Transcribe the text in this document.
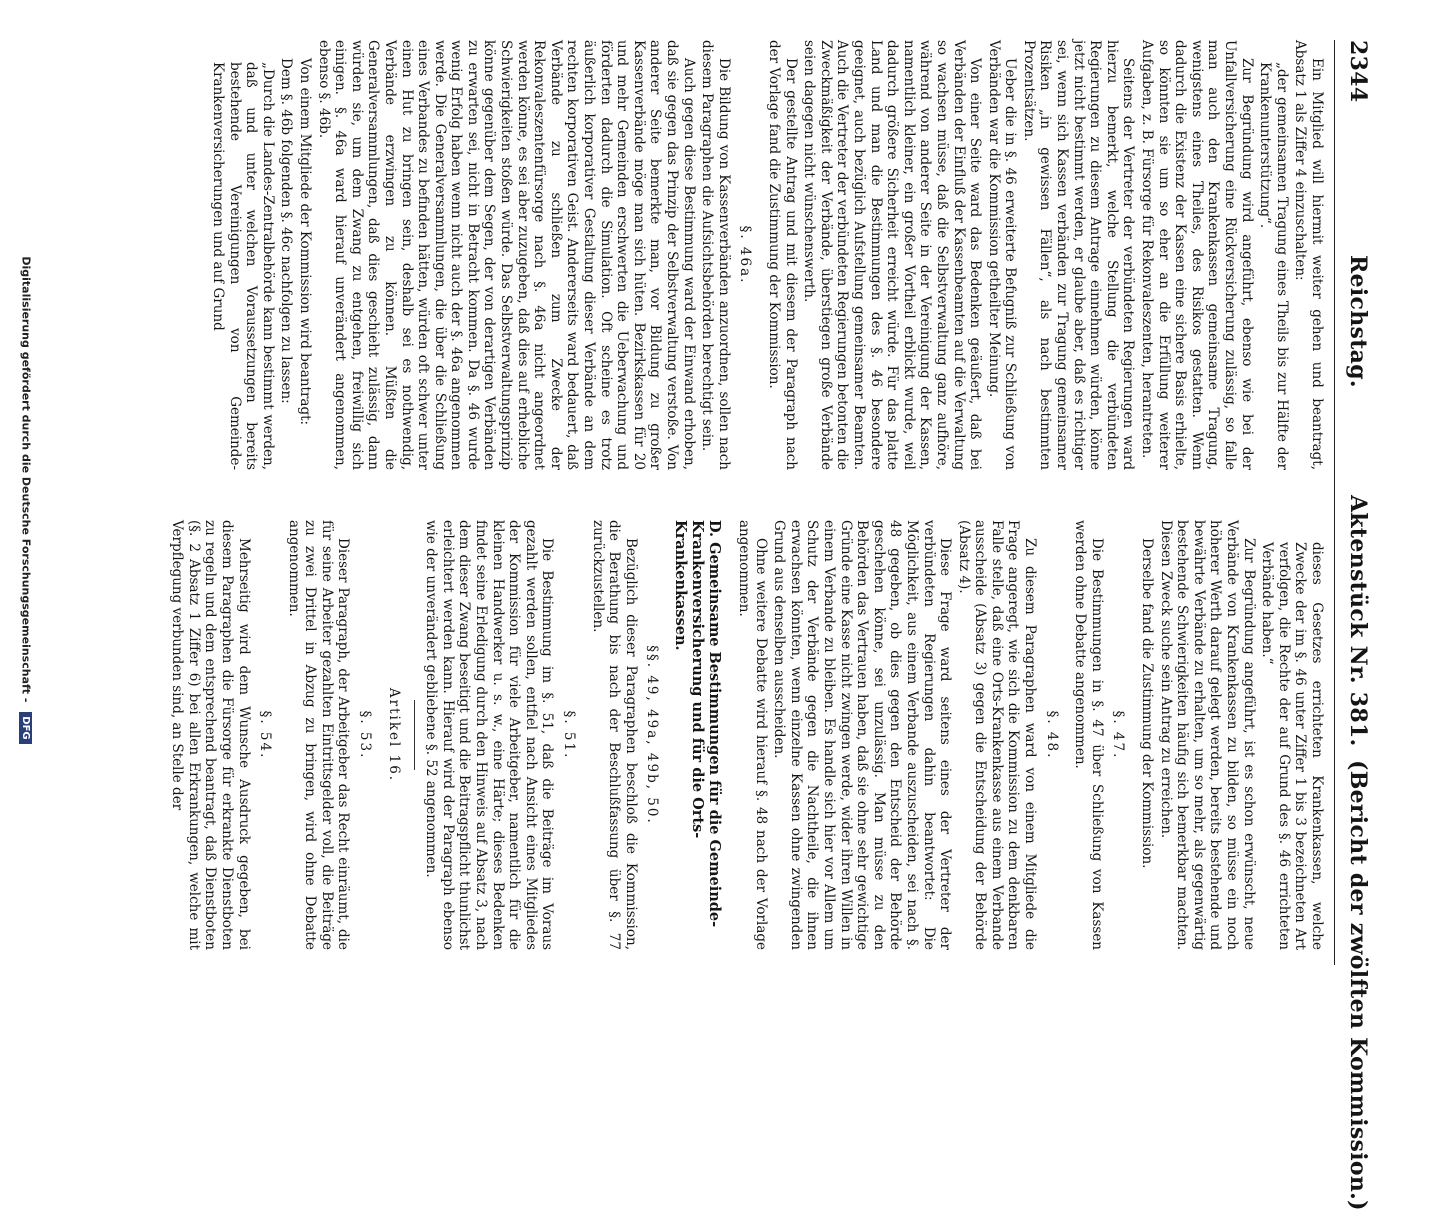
2344
Reichstag.
Aktenstück Nr. 381.
(Bericht der zwölften Kommission.)

Ein Mitglied will hiermit weiter gehen und beantragt, Absatz 1 als Ziffer 4 einzuschalten:

„der gemeinsamen Tragung eines Theils bis zur Hälfte der Krankenunterstützung“.

Zur Begründung wird angeführt, ebenso wie bei der Unfallversicherung eine Rückversicherung zulässig, so falle man auch den Krankenkassen gemeinsame Tragung, wenigstens eines Theiles, des Risikos gestatten. Wenn dadurch die Existenz der Kassen eine sichere Basis erhielte, so könnten sie um so eher an die Erfüllung weiterer Aufgaben, z. B. Fürsorge für Rekonvaleszenten, herantreten.

Seitens der Vertreter der verbündeten Regierungen ward hierzu bemerkt, welche Stellung die verbündeten Regierungen zu diesem Antrage einnehmen würden, könne jetzt nicht bestimmt werden, er glaube aber, daß es richtiger sei, wenn sich Kassen verbänden zur Tragung gemeinsamer Risiken „in gewissen Fällen“, als nach bestimmten Prozentsätzen.

Ueber die in §. 46 erweiterte Befugniß zur Schließung von Verbänden war die Kommission getheilter Meinung.

Von einer Seite ward das Bedenken geäußert, daß bei Verbänden der Einfluß der Kassenbeamten auf die Verwaltung so wachsen müsse, daß die Selbstverwaltung ganz aufhöre, während von anderer Seite in der Vereinigung der Kassen, namentlich kleiner, ein großer Vortheil erblickt wurde, weil dadurch größere Sicherheit erreicht würde. Für das platte Land und man die Bestimmungen des §. 46 besondere geeignet, auch bezüglich Aufstellung gemeinsamer Beamten. Auch die Vertreter der verbündeten Regierungen betonten die Zweckmäßigkeit der Verbände, überstiegen große Verbände seien dagegen nicht wünschenswerth.

Der gestellte Antrag und mit diesem der Paragraph nach der Vorlage fand die Zustimmung der Kommission.

§. 46a.

Die Bildung von Kassenverbänden anzuordnen, sollen nach diesem Paragraphen die Aufsichtsbehörden berechtigt sein.

Auch gegen diese Bestimmung ward der Einwand erhoben, daß sie gegen das Prinzip der Selbstverwaltung verstoße. Von anderer Seite bemerkte man, vor Bildung zu großer Kassenverbände möge man sich hüten. Bezirkskassen für 20 und mehr Gemeinden erschwerten die Ueberwachung und förderten dadurch die Simulation. Oft scheine es trotz äußerlich korporativer Gestaltung dieser Verbände an dem rechten korporativen Geist. Andererseits ward bedauert, daß Verbände zu schließen zum Zwecke der Rekonvaleszentenfürsorge nach §. 46a nicht angeordnet werden könne, es sei aber zuzugeben, daß dies auf erhebliche Schwierigkeiten stoßen würde. Das Selbstverwaltungsprinzip könne gegenüber dem Segen, der von derartigen Verbänden zu erwarten sei, nicht in Betracht kommen. Da §. 46 wurde wenig Erfolg haben wenn nicht auch der §. 46a angenommen werde. Die Generalversammlungen, die über die Schließung eines Verbandes zu befinden hätten, würden oft schwer unter einen Hut zu bringen sein, deshalb sei es nothwendig, Verbände erzwingen zu können. Müßten die Generalversammlungen, daß dies geschieht zulässig, dann würden sie, um dem Zwang zu entgehen, freiwillig sich einigen. §. 46a ward hierauf unverändert angenommen, ebenso §. 46b.

Von einem Mitgliede der Kommission wird beantragt:

Dem §. 46b folgenden §. 46c nachfolgen zu lassen:

„Durch die Landes-Zentralbehörde kann bestimmt werden, daß und unter welchen Voraussetzungen bereits bestehende Vereinigungen von Gemeinde-Krankenversicherungen und auf Grund

dieses Gesetzes errichteten Krankenkassen, welche Zwecke der im §. 46 unter Ziffer 1 bis 3 bezeichneten Art verfolgen, die Rechte der auf Grund des §. 46 errichteten Verbände haben.“

Zur Begründung angeführt, ist es schon erwünscht, neue Verbände von Krankenkassen zu bilden, so müsse ein noch höherer Werth darauf gelegt werden, bereits bestehende und bewährte Verbände zu erhalten, um so mehr, als gegenwärtig bestehende Schwierigkeiten häufig sich bemerkbar machten. Diesen Zweck suche sein Antrag zu erreichen.

Derselbe fand die Zustimmung der Kommission.

§. 47.

Die Bestimmungen in §. 47 über Schließung von Kassen werden ohne Debatte angenommen.

§. 48.

Zu diesem Paragraphen ward von einem Mitgliede die Frage angeregt, wie sich die Kommission zu dem denkbaren Falle stelle, daß eine Orts-Krankenkasse aus einem Verbande ausscheide (Absatz 3) gegen die Entscheidung der Behörde (Absatz 4).

Diese Frage ward seitens eines der Vertreter der verbündeten Regierungen dahin beantwortet: Die Möglichkeit, aus einem Verbande auszuscheiden, sei nach §. 48 gegeben, ob dies gegen den Entscheid der Behörde geschehen könne, sei unzulässig. Man müsse zu den Behörden das Vertrauen haben, daß sie ohne sehr gewichtige Gründe eine Kasse nicht zwingen werde, wider ihren Willen in einem Verbande zu bleiben. Es handle sich hier vor Allem um Schutz der Verbände gegen die Nachtheile, die ihnen erwachsen könnten, wenn einzelne Kassen ohne zwingenden Grund aus denselben ausscheiden.

Ohne weitere Debatte wird hierauf §. 48 nach der Vorlage angenommen.

D. Gemeinsame Bestimmungen für die Gemeinde-Krankenversicherung und für die Orts-Krankenkassen.
§§. 49, 49a, 49b, 50.

Bezüglich dieser Paragraphen beschloß die Kommission, die Berathung bis nach der Beschlußfassung über §. 77 zurückzustellen.

§. 51.

Die Bestimmung im §. 51, daß die Beiträge im Voraus gezahlt werden sollen, entfiel nach Ansicht eines Mitgliedes der Kommission für viele Arbeitgeber, namentlich für die kleinen Handwerker u. s. w., eine Härte; dieses Bedenken findet seine Erledigung durch den Hinweis auf Absatz 3, nach dem dieser Zwang beseitigt und die Beitragspflicht thunlichst erleichtert werden kann. Hierauf wird der Paragraph ebenso wie der unverändert gebliebene §. 52 angenommen.

Artikel 16.
§. 53.

Dieser Paragraph, der Arbeitgeber das Recht einräumt, die für seine Arbeiter gezahlten Eintrittsgelder voll, die Beiträge zu zwei Drittel in Abzug zu bringen, wird ohne Debatte angenommen.

§. 54.

Mehrseitig wird dem Wunsche Ausdruck gegeben, bei diesem Paragraphen die Fürsorge für erkrankte Dienstboten zu regeln und dem entsprechend beantragt, daß Dienstboten (§. 2 Absatz 1 Ziffer 6) bei allen Erkrankungen, welche mit Verpflegung verbunden sind, an Stelle der

Digitalisierung gefördert durch die Deutsche Forschungsgemeinschaft - DFG
